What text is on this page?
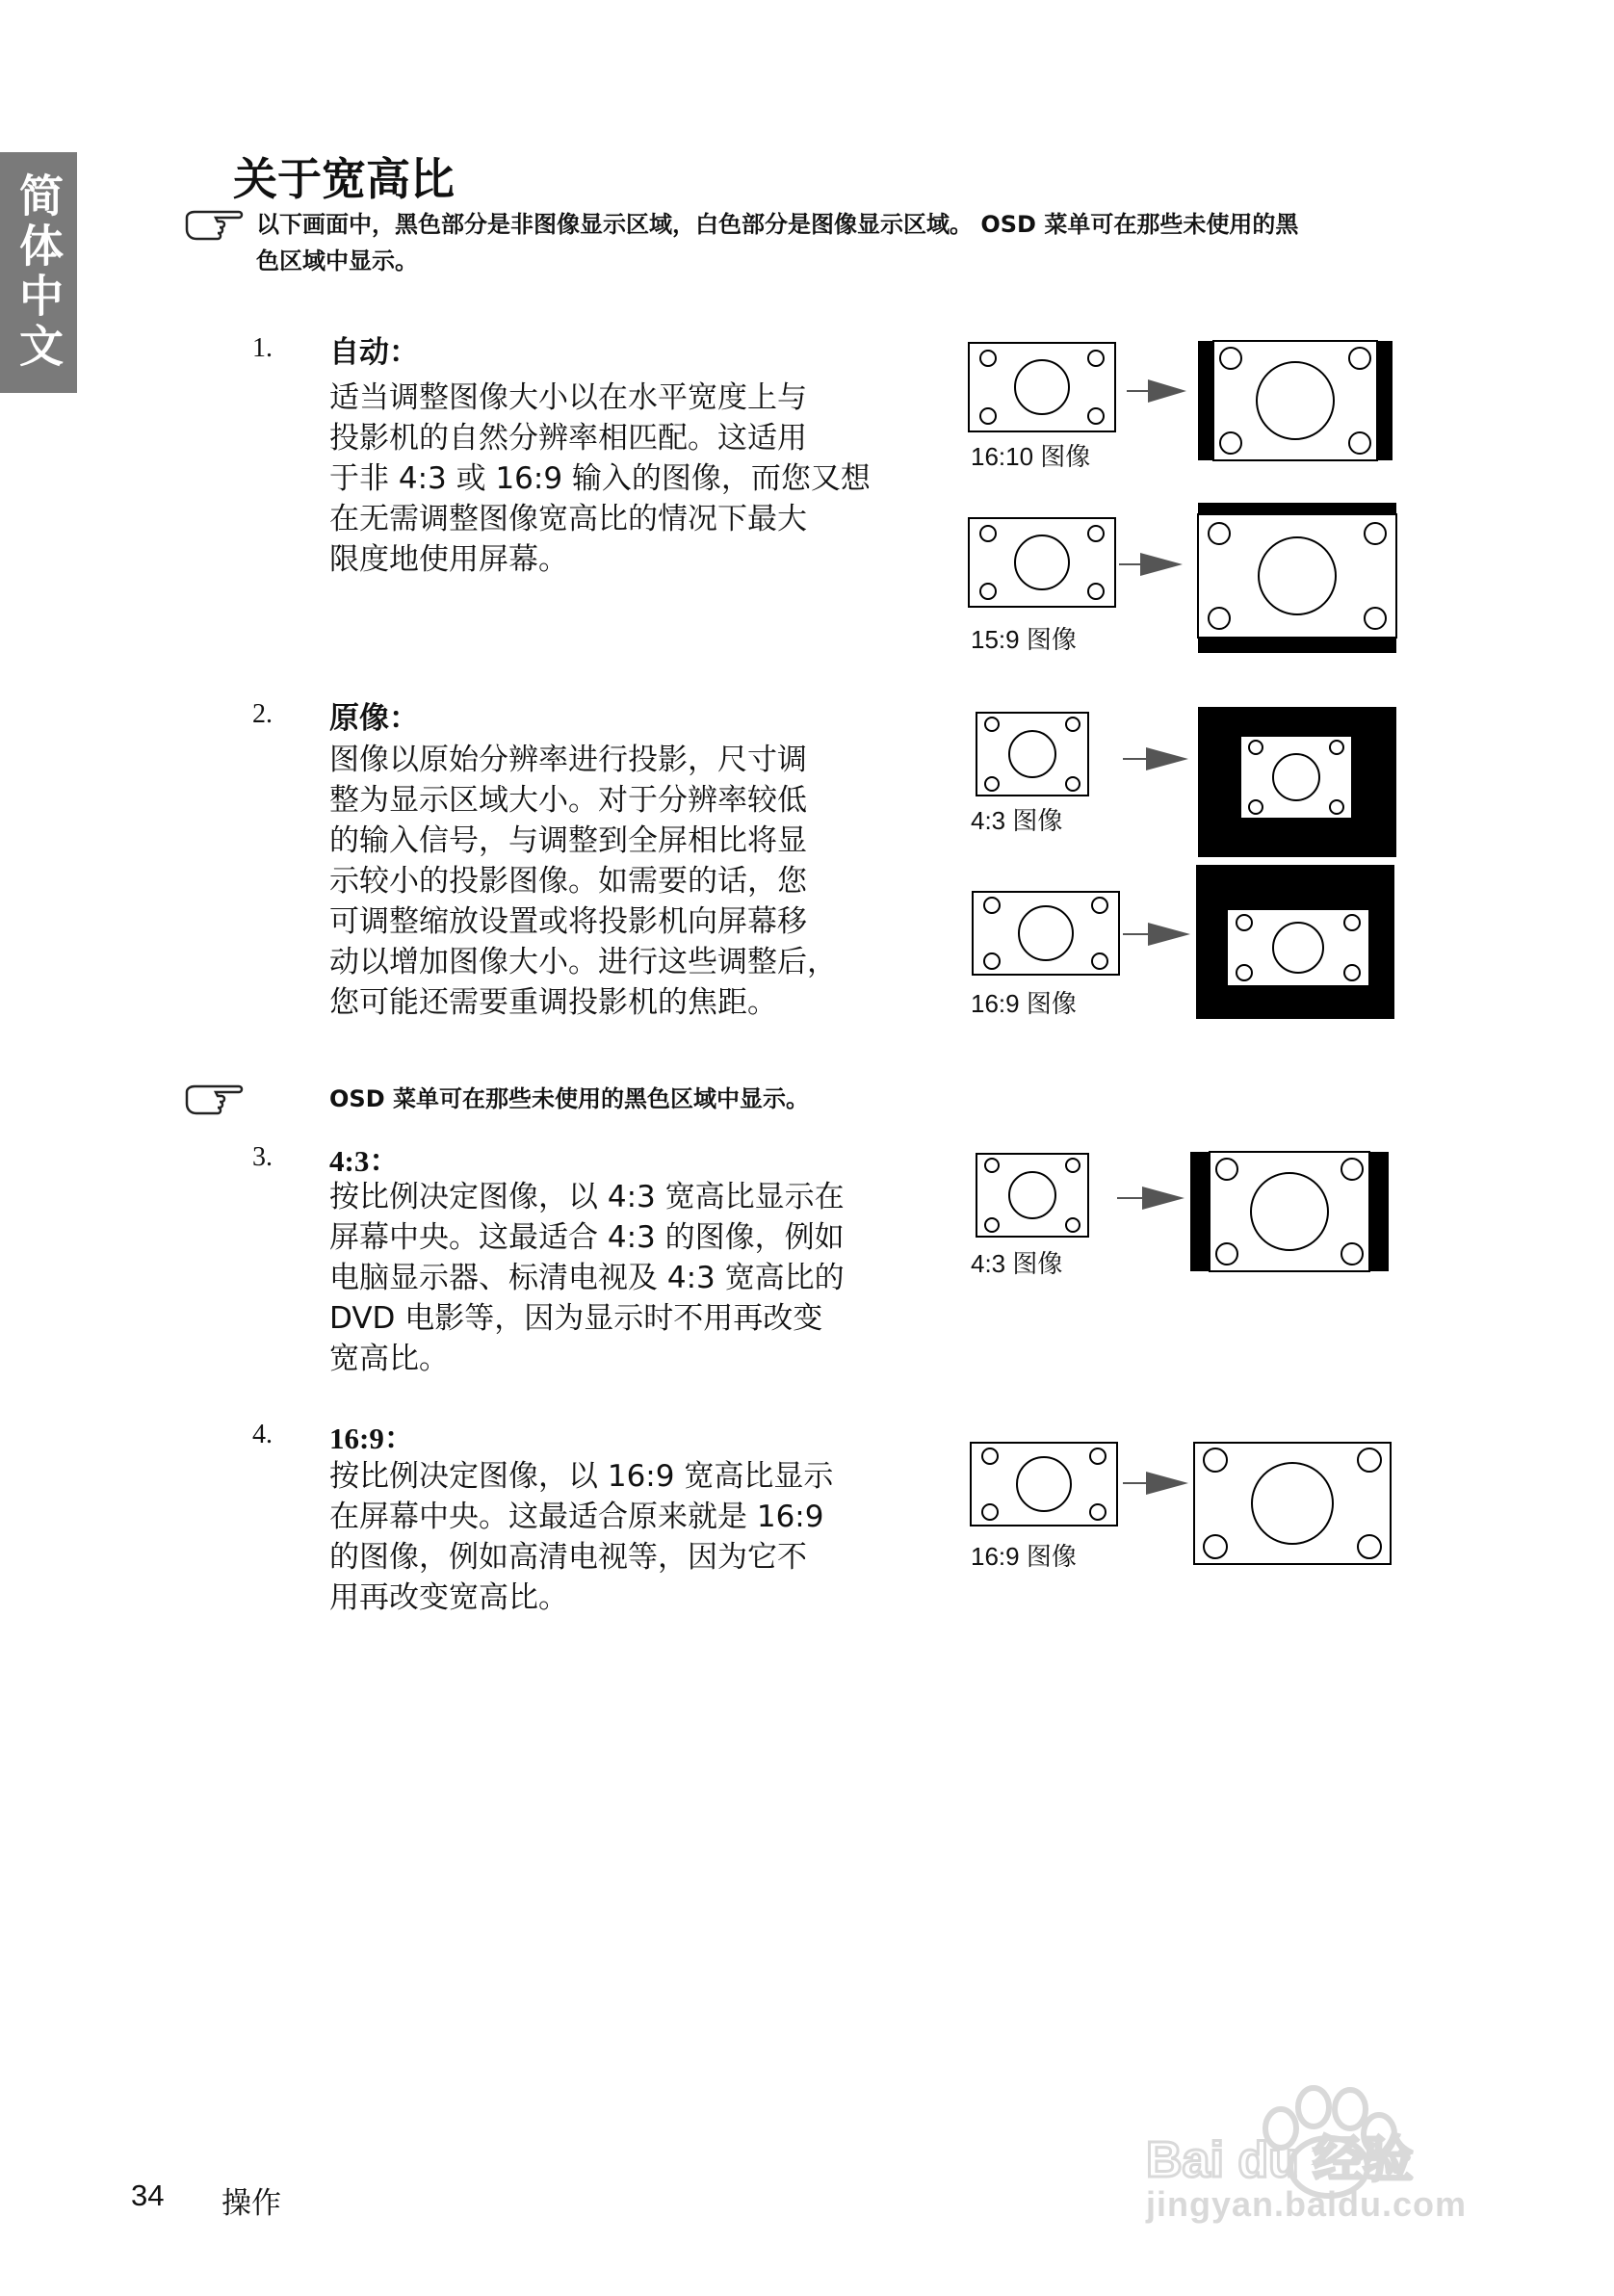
简体中文	关于宽高比
以下画面中，黑色部分是非图像显示区域，白色部分是图像显示区域。 OSD 菜单可在那些未使用的黑
色区域中显示。
1. 自动：
适当调整图像大小以在水平宽度上与
投影机的自然分辨率相匹配。这适用
于非 4:3 或 16:9 输入的图像，而您又想
在无需调整图像宽高比的情况下最大
限度地使用屏幕。
2. 原像：
图像以原始分辨率进行投影，尺寸调
整为显示区域大小。对于分辨率较低
的输入信号，与调整到全屏相比将显
示较小的投影图像。如需要的话，您
可调整缩放设置或将投影机向屏幕移
动以增加图像大小。进行这些调整后，
您可能还需要重调投影机的焦距。
OSD 菜单可在那些未使用的黑色区域中显示。
3. 4:3：
按比例决定图像，以 4:3 宽高比显示在
屏幕中央。这最适合 4:3 的图像，例如
电脑显示器、标清电视及 4:3 宽高比的
DVD 电影等，因为显示时不用再改变
宽高比。
4. 16:9：
按比例决定图像，以 16:9 宽高比显示
在屏幕中央。这最适合原来就是 16:9
的图像，例如高清电视等，因为它不
用再改变宽高比。
16:10 图像
15:9 图像
4:3 图像
16:9 图像
4:3 图像
16:9 图像
34 操作
Bai du 经验
jingyan.baidu.com
